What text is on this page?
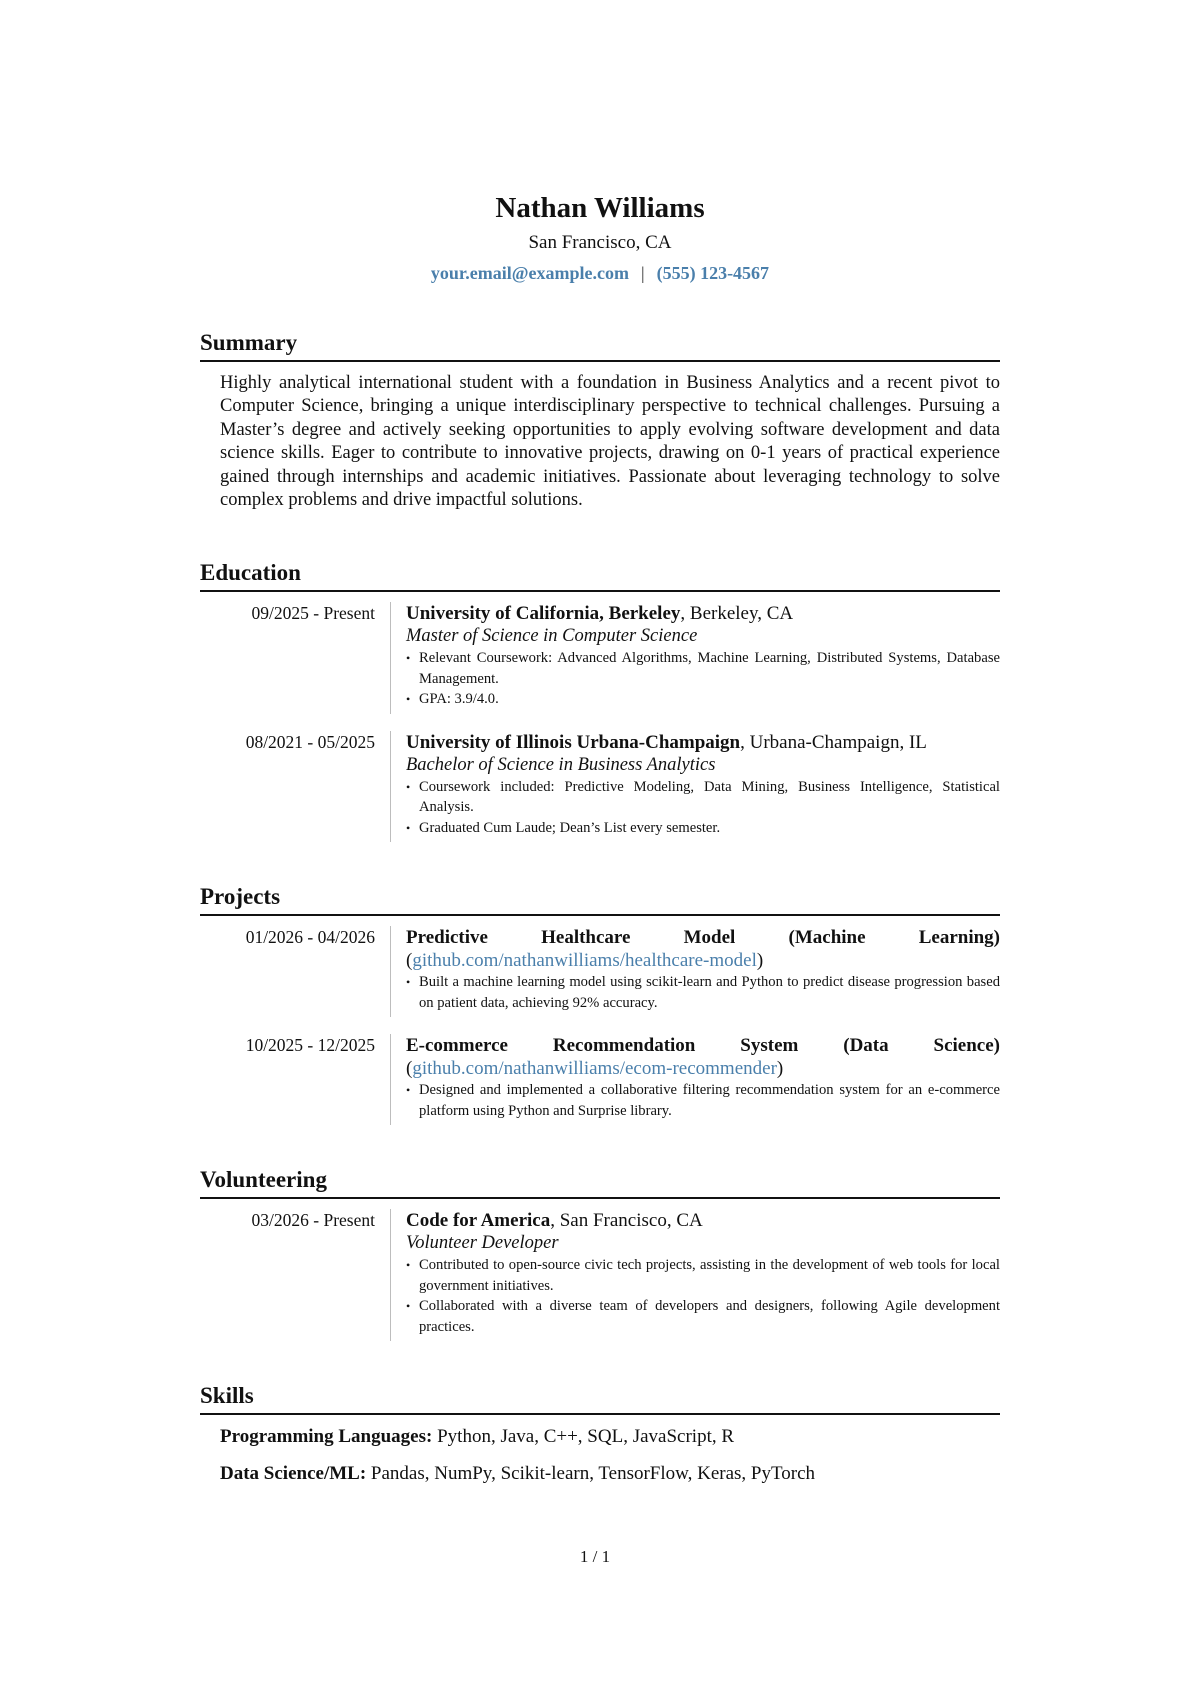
Nathan Williams
San Francisco, CA
your.email@example.com | (555) 123-4567
Summary

Highly analytical international student with a foundation in Business Analytics and a recent pivot to Computer Science, bringing a unique interdisciplinary perspective to technical challenges. Pursuing a Master’s degree and actively seeking opportunities to apply evolving software development and data science skills. Eager to contribute to innovative projects, drawing on 0-1 years of practical experience gained through internships and academic initiatives. Passionate about leveraging technology to solve complex problems and drive impactful solutions.

Education
09/2025 - Present	University of California, Berkeley, Berkeley, CA
Master of Science in Computer Science
• Relevant Coursework: Advanced Algorithms, Machine Learning, Distributed Systems, Database Management.
• GPA: 3.9/4.0.
08/2021 - 05/2025	University of Illinois Urbana-Champaign, Urbana-Champaign, IL
Bachelor of Science in Business Analytics
• Coursework included: Predictive Modeling, Data Mining, Business Intelligence, Statistical Analysis.
• Graduated Cum Laude; Dean’s List every semester.
Projects
01/2026 - 04/2026	Predictive Healthcare Model (Machine Learning) (github.com/nathanwilliams/healthcare-model)
• Built a machine learning model using scikit-learn and Python to predict disease progression based on patient data, achieving 92% accuracy.
10/2025 - 12/2025	E-commerce Recommendation System (Data Science) (github.com/nathanwilliams/ecom-recommender)
• Designed and implemented a collaborative filtering recommendation system for an e-commerce platform using Python and Surprise library.
Volunteering
03/2026 - Present	Code for America, San Francisco, CA
Volunteer Developer
• Contributed to open-source civic tech projects, assisting in the development of web tools for local government initiatives.
• Collaborated with a diverse team of developers and designers, following Agile development practices.
Skills
Programming Languages: Python, Java, C++, SQL, JavaScript, R
Data Science/ML: Pandas, NumPy, Scikit-learn, TensorFlow, Keras, PyTorch
1 / 1
